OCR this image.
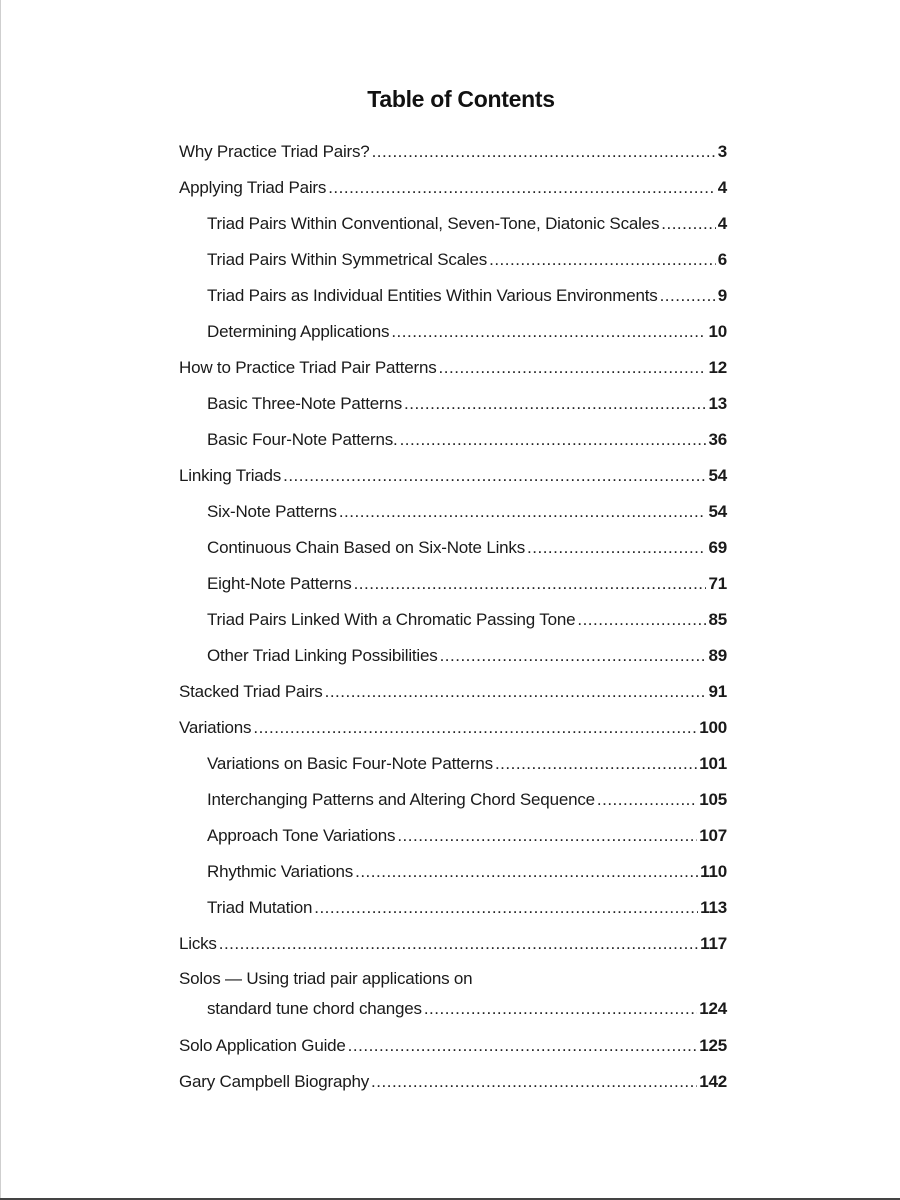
Table of Contents
Why Practice Triad Pairs? .....	3
Applying Triad Pairs .....	4
Triad Pairs Within Conventional, Seven-Tone, Diatonic Scales .....	4
Triad Pairs Within Symmetrical Scales .....	6
Triad Pairs as Individual Entities Within Various Environments .....	9
Determining Applications .....	10
How to Practice Triad Pair Patterns .....	12
Basic Three-Note Patterns .....	13
Basic Four-Note Patterns. .....	36
Linking Triads .....	54
Six-Note Patterns .....	54
Continuous Chain Based on Six-Note Links .....	69
Eight-Note Patterns .....	71
Triad Pairs Linked With a Chromatic Passing Tone .....	85
Other Triad Linking Possibilities .....	89
Stacked Triad Pairs .....	91
Variations .....	100
Variations on Basic Four-Note Patterns .....	101
Interchanging Patterns and Altering Chord Sequence .....	105
Approach Tone Variations .....	107
Rhythmic Variations .....	110
Triad Mutation .....	113
Licks .....	117
Solos — Using triad pair applications on
standard tune chord changes .....	124
Solo Application Guide .....	125
Gary Campbell Biography .....	142
